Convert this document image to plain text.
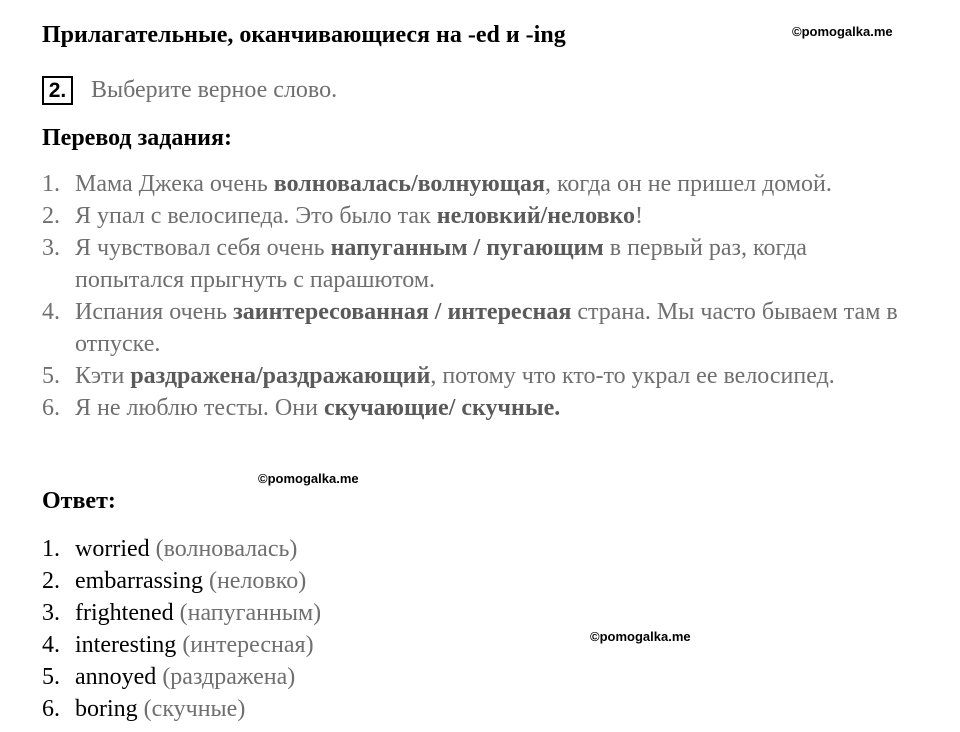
Прилагательные, оканчивающиеся на -ed и -ing	©pomogalka.me
2. Выберите верное слово.
Перевод задания:
1. Мама Джека очень волновалась/волнующая, когда он не пришел домой.
2. Я упал с велосипеда. Это было так неловкий/неловко!
3. Я чувствовал себя очень напуганным / пугающим в первый раз, когда попытался прыгнуть с парашютом.
4. Испания очень заинтересованная / интересная страна. Мы часто бываем там в отпуске.
5. Кэти раздражена/раздражающий, потому что кто-то украл ее велосипед.
6. Я не люблю тесты. Они скучающие/ скучные.
©pomogalka.me
Ответ:
1. worried (волновалась)
2. embarrassing (неловко)
3. frightened (напуганным)
4. interesting (интересная)
5. annoyed (раздражена)
6. boring (скучные)
©pomogalka.me
